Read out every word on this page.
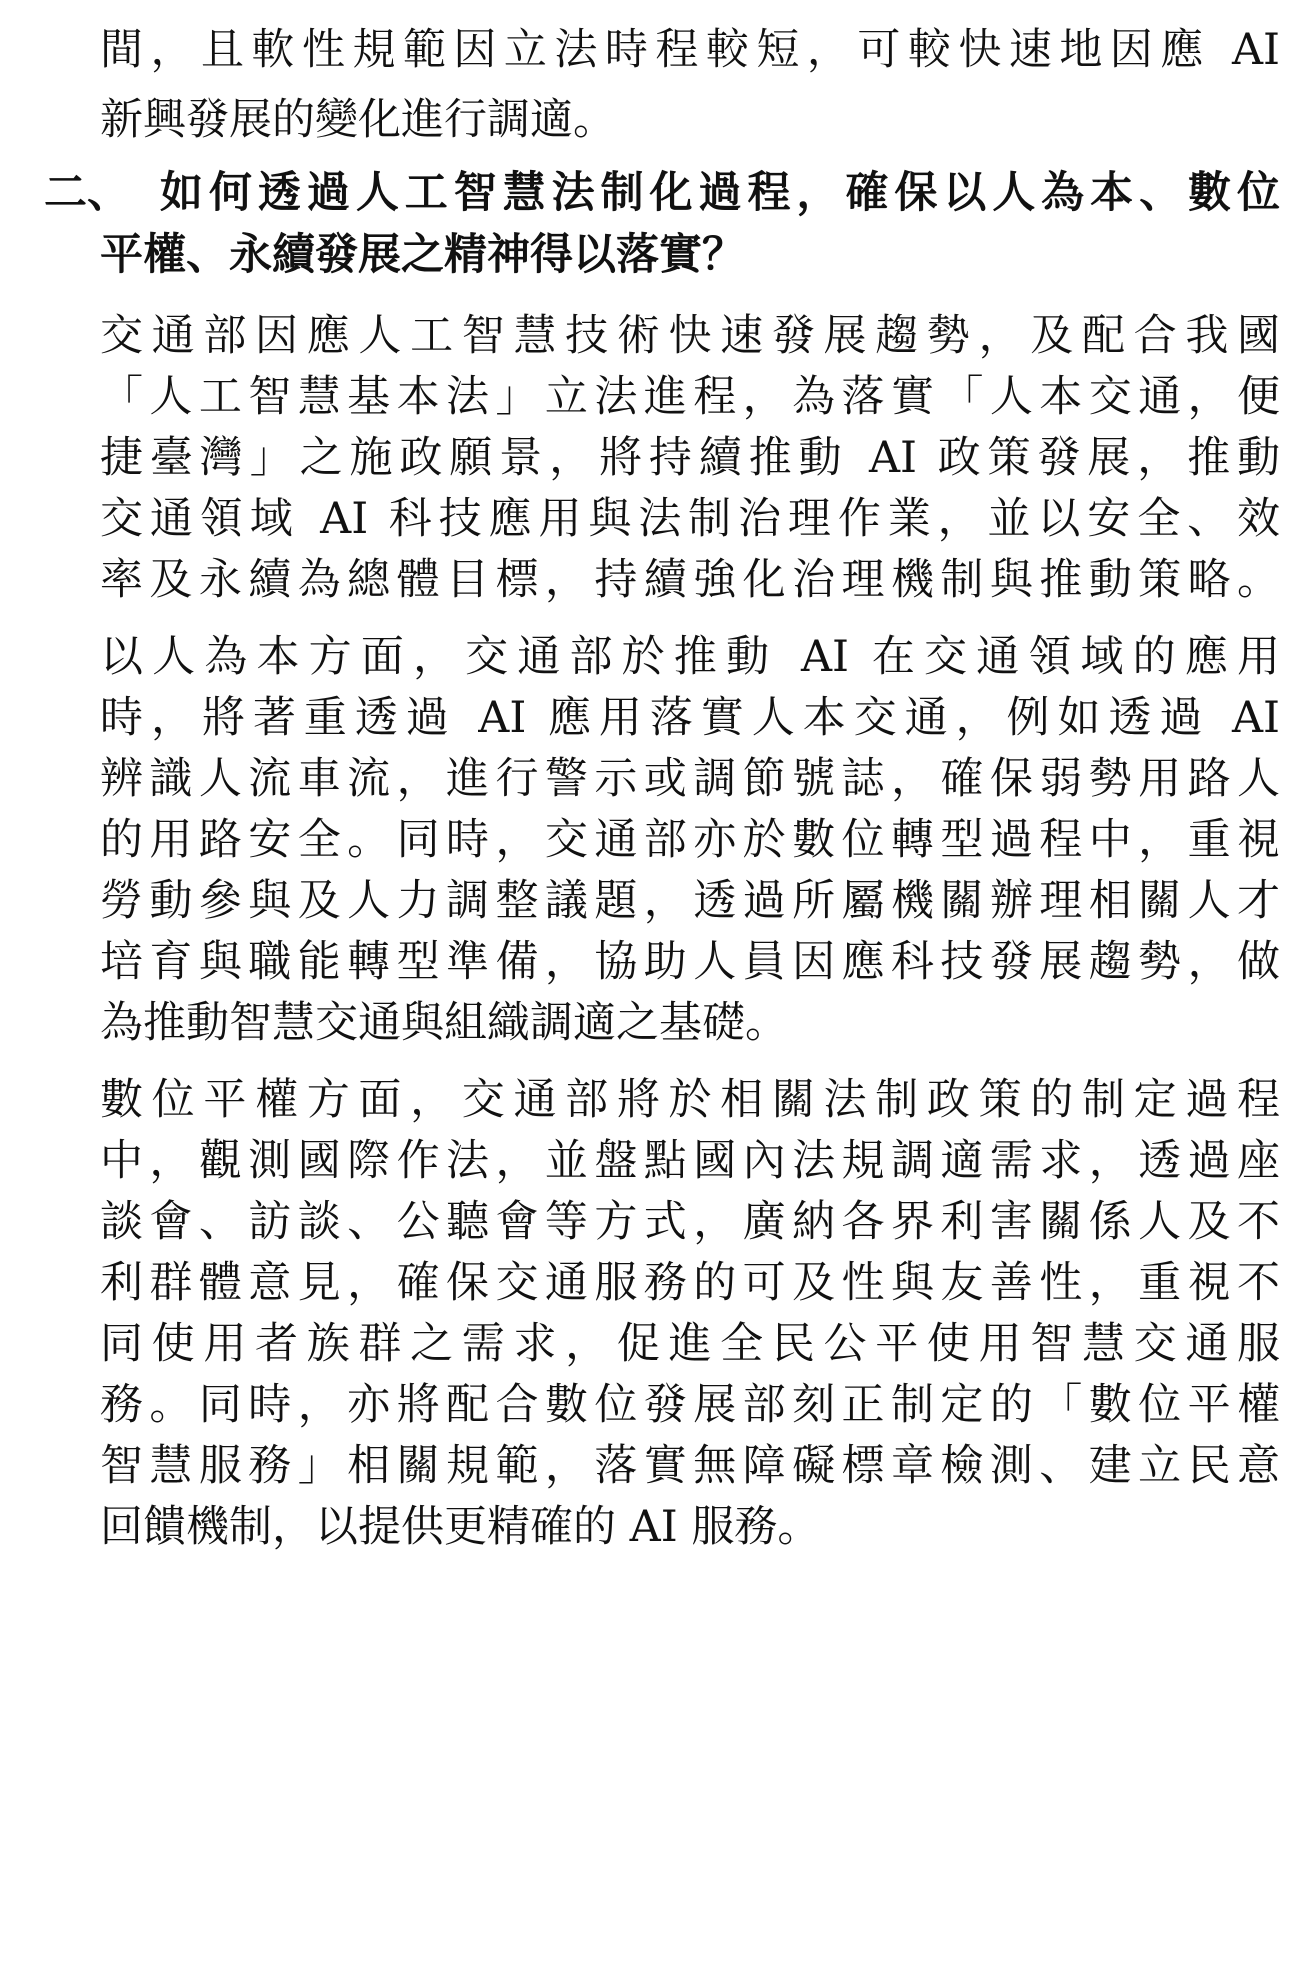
間，且軟性規範因立法時程較短，可較快速地因應 AI
新興發展的變化進行調適。
二、 如何透過人工智慧法制化過程，確保以人為本、數位
平權、永續發展之精神得以落實？
交通部因應人工智慧技術快速發展趨勢，及配合我國
「人工智慧基本法」立法進程，為落實「人本交通，便
捷臺灣」之施政願景，將持續推動 AI 政策發展，推動
交通領域 AI 科技應用與法制治理作業，並以安全、效
率及永續為總體目標，持續強化治理機制與推動策略。
以人為本方面，交通部於推動 AI 在交通領域的應用
時，將著重透過 AI 應用落實人本交通，例如透過 AI
辨識人流車流，進行警示或調節號誌，確保弱勢用路人
的用路安全。同時，交通部亦於數位轉型過程中，重視
勞動參與及人力調整議題，透過所屬機關辦理相關人才
培育與職能轉型準備，協助人員因應科技發展趨勢，做
為推動智慧交通與組織調適之基礎。
數位平權方面，交通部將於相關法制政策的制定過程
中，觀測國際作法，並盤點國內法規調適需求，透過座
談會、訪談、公聽會等方式，廣納各界利害關係人及不
利群體意見，確保交通服務的可及性與友善性，重視不
同使用者族群之需求，促進全民公平使用智慧交通服
務。同時，亦將配合數位發展部刻正制定的「數位平權
智慧服務」相關規範，落實無障礙標章檢測、建立民意
回饋機制，以提供更精確的 AI 服務。
